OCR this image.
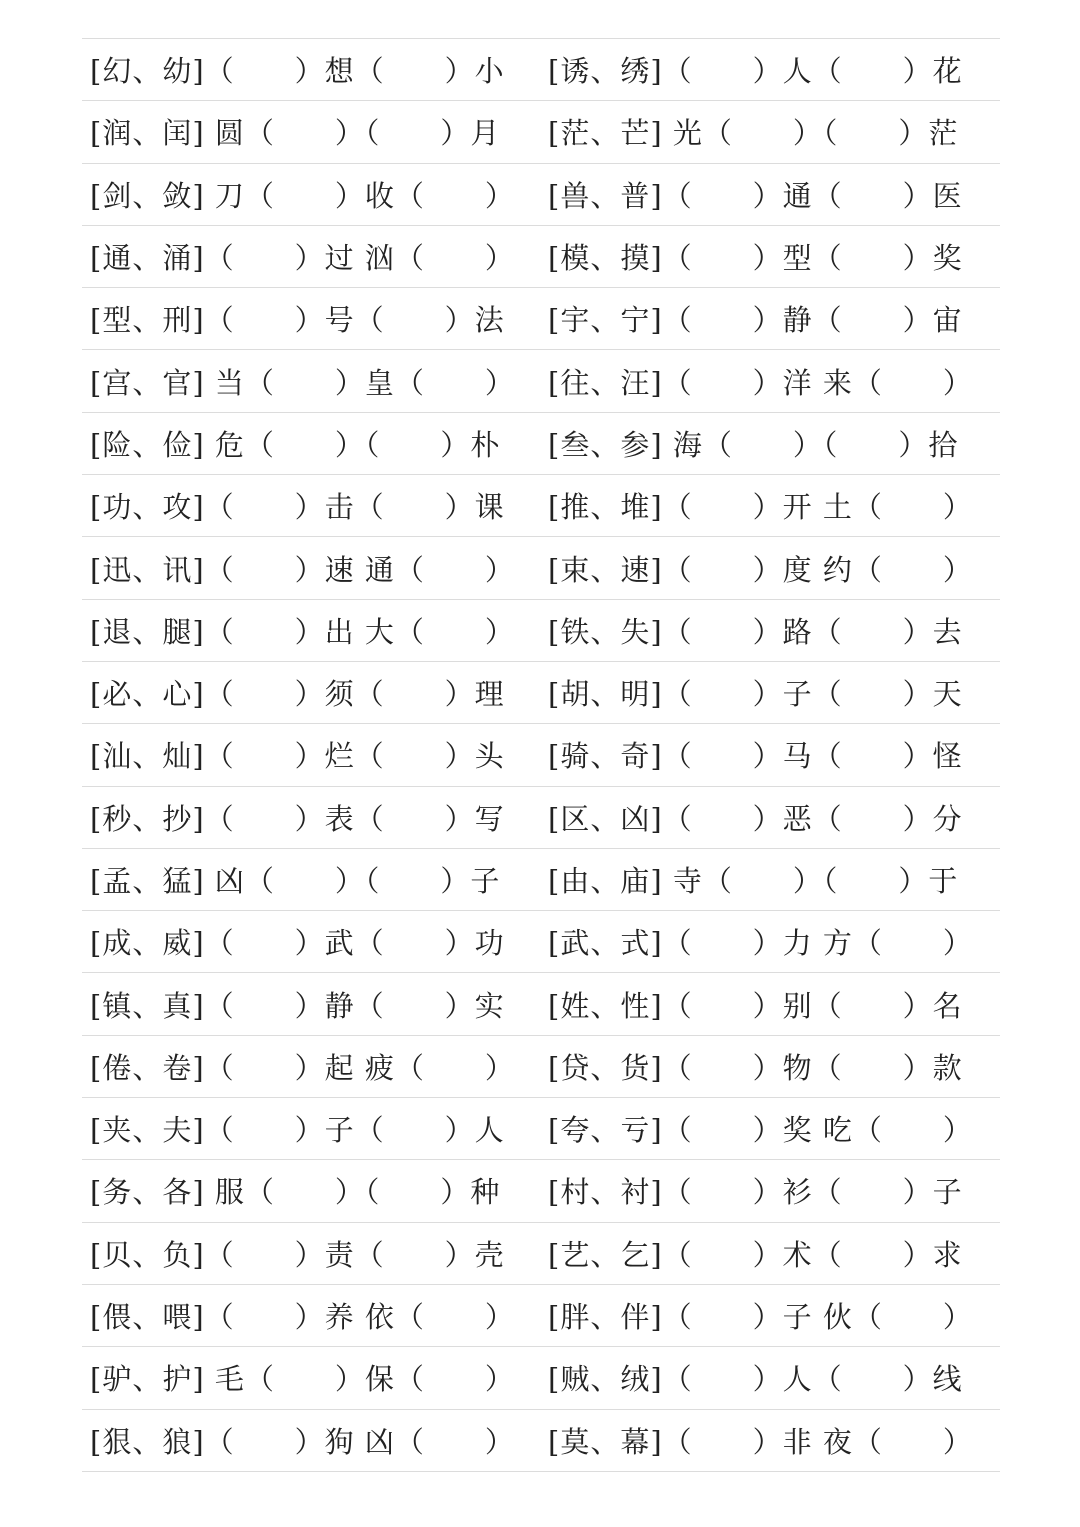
[幻、幼]（　　）想（　　）小 [诱、绣]（　　）人（　　）花
[润、闰] 圆（　　）（　　）月 [茫、芒] 光（　　）（　　）茫
[剑、敛] 刀（　　）收（　　） [兽、普]（　　）通（　　）医
[通、涌]（　　）过 汹（　　） [模、摸]（　　）型（　　）奖
[型、刑]（　　）号（　　）法 [宇、宁]（　　）静（　　）宙
[宫、官] 当（　　）皇（　　） [往、汪]（　　）洋 来（　　）
[险、俭] 危（　　）（　　）朴 [叁、参] 海（　　）（　　）拾
[功、攻]（　　）击（　　）课 [推、堆]（　　）开 土（　　）
[迅、讯]（　　）速 通（　　） [束、速]（　　）度 约（　　）
[退、腿]（　　）出 大（　　） [铁、失]（　　）路（　　）去
[必、心]（　　）须（　　）理 [胡、明]（　　）子（　　）天
[汕、灿]（　　）烂（　　）头 [骑、奇]（　　）马（　　）怪
[秒、抄]（　　）表（　　）写 [区、凶]（　　）恶（　　）分
[孟、猛] 凶（　　）（　　）子 [由、庙] 寺（　　）（　　）于
[成、威]（　　）武（　　）功 [武、式]（　　）力 方（　　）
[镇、真]（　　）静（　　）实 [姓、性]（　　）别（　　）名
[倦、卷]（　　）起 疲（　　） [贷、货]（　　）物（　　）款
[夹、夫]（　　）子（　　）人 [夸、亏]（　　）奖 吃（　　）
[务、各] 服（　　）（　　）种 [村、衬]（　　）衫（　　）子
[贝、负]（　　）责（　　）壳 [艺、乞]（　　）术（　　）求
[偎、喂]（　　）养 依（　　） [胖、伴]（　　）子 伙（　　）
[驴、护] 毛（　　）保（　　） [贼、绒]（　　）人（　　）线
[狠、狼]（　　）狗 凶（　　） [莫、幕]（　　）非 夜（　　）
